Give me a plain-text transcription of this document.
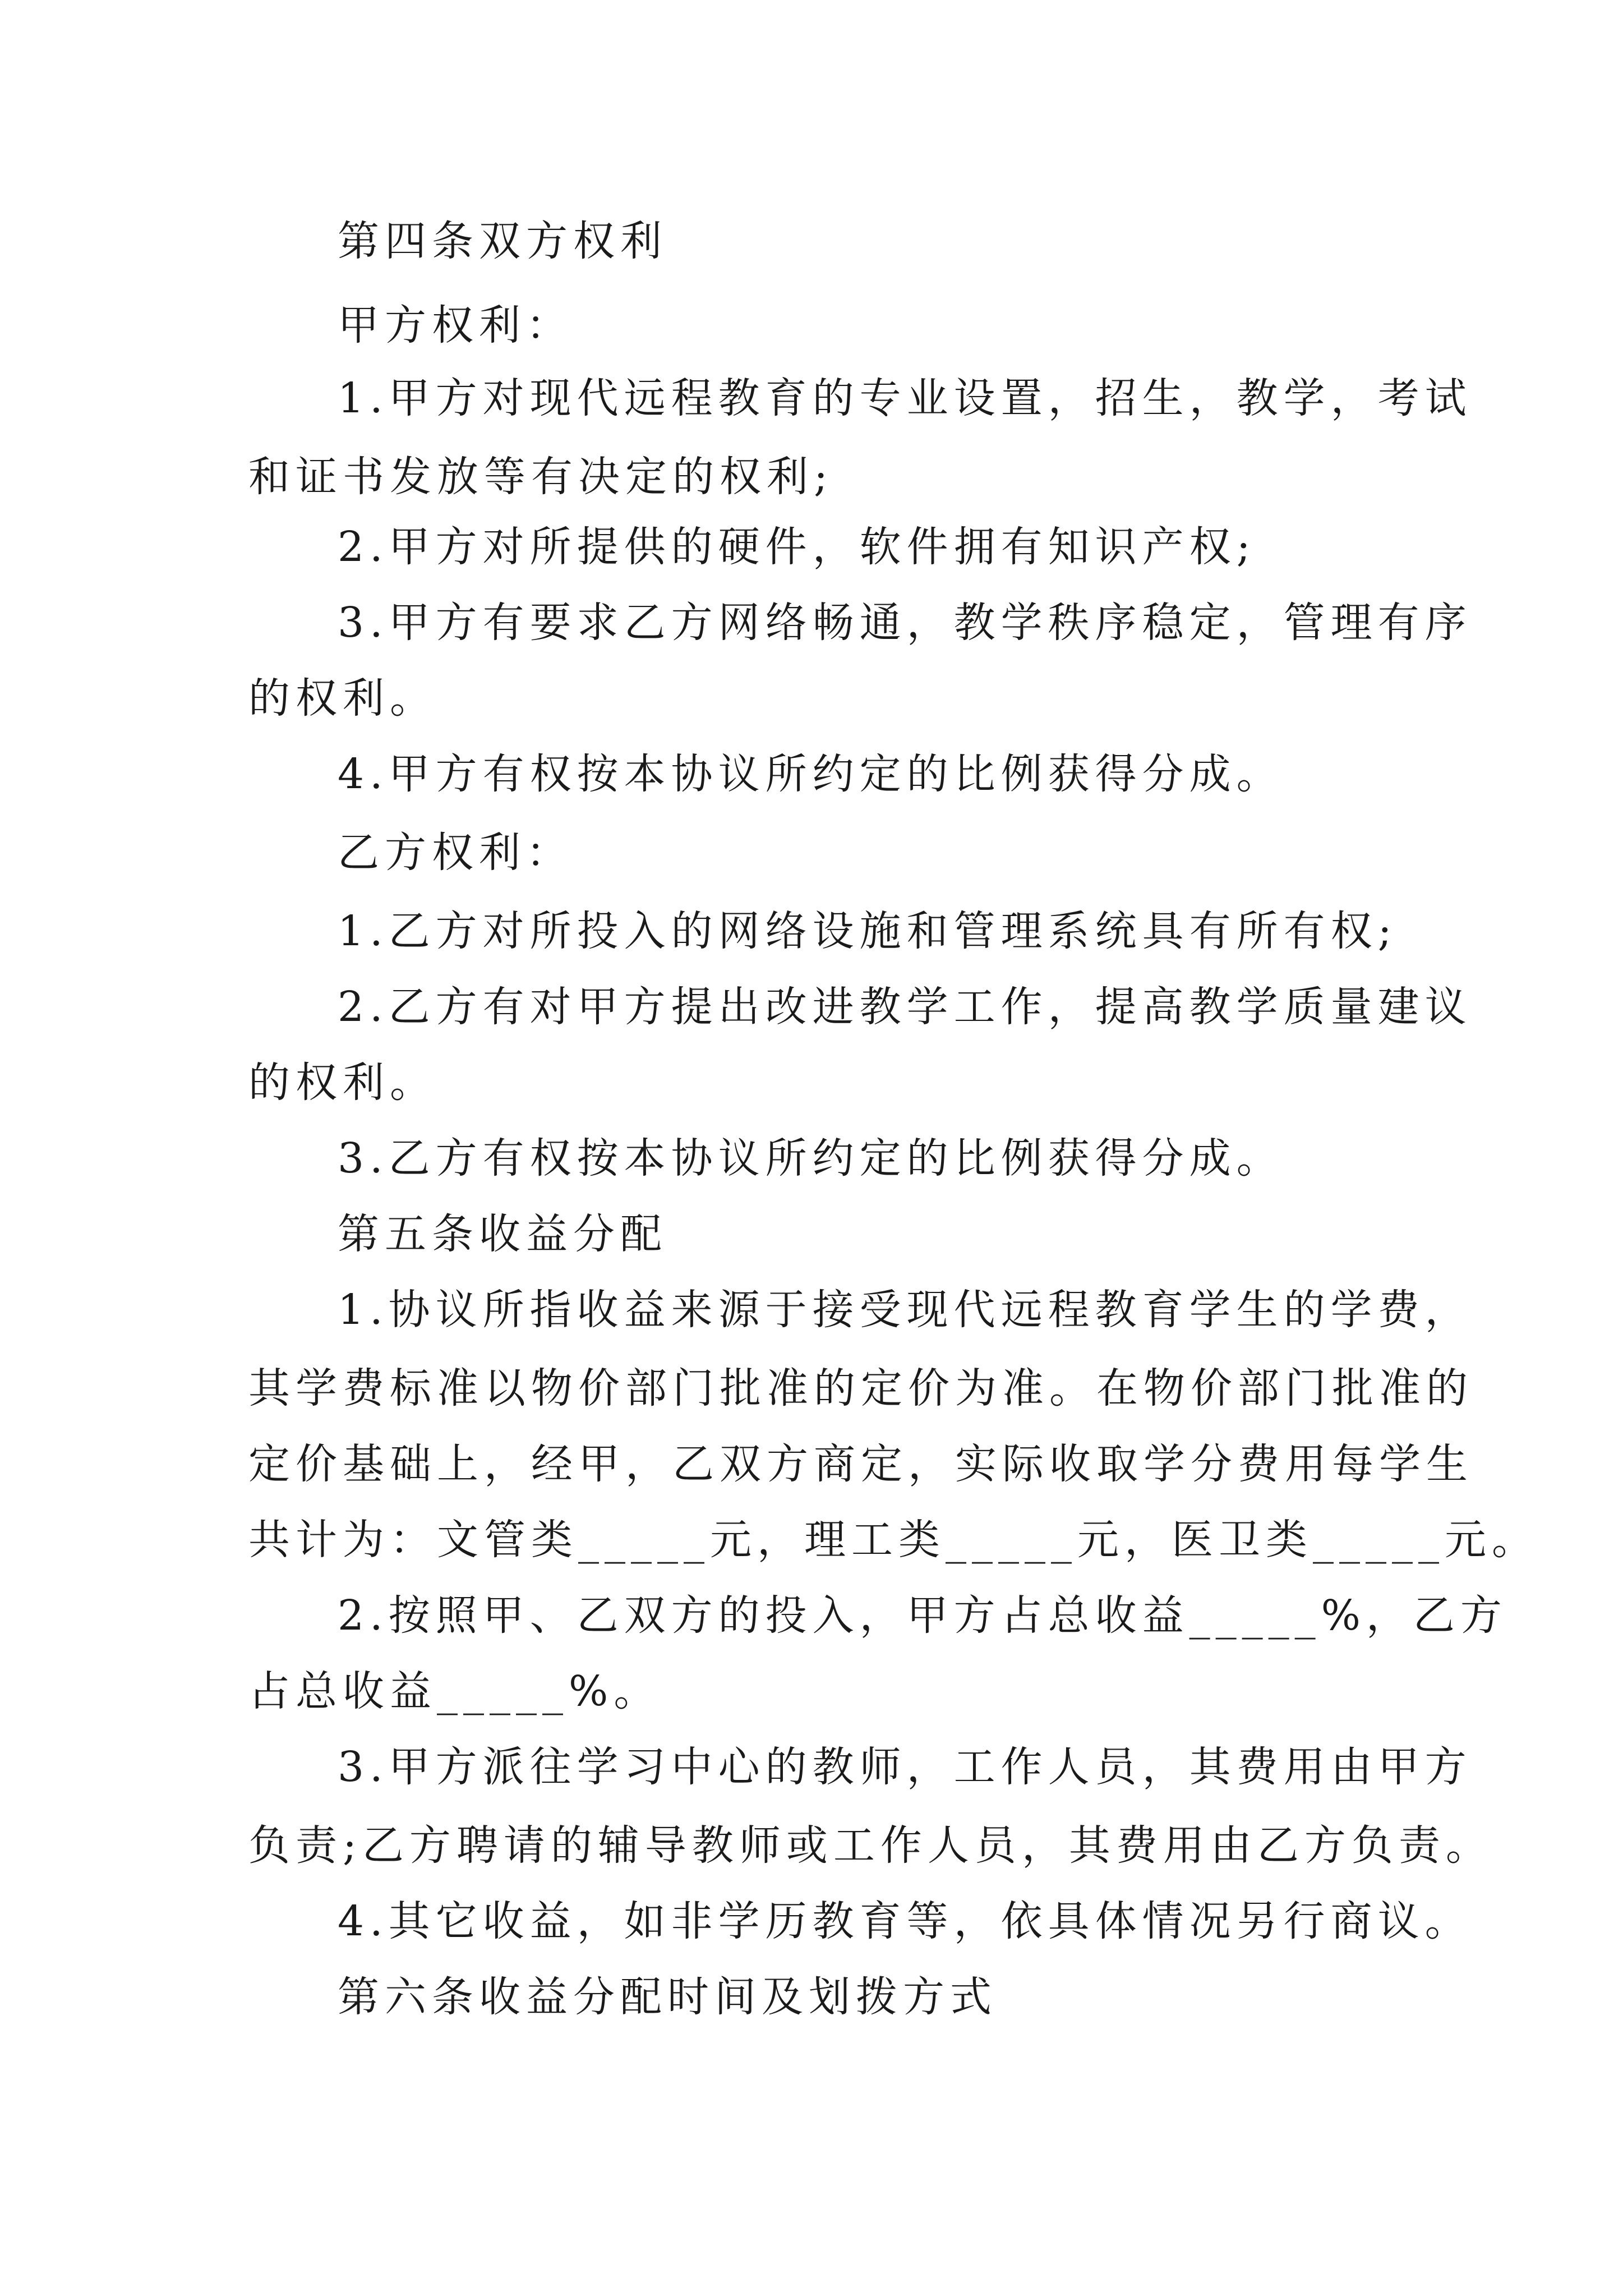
第四条双方权利

甲方权利：

1.甲方对现代远程教育的专业设置，招生，教学，考试

和证书发放等有决定的权利;

2.甲方对所提供的硬件，软件拥有知识产权;

3.甲方有要求乙方网络畅通，教学秩序稳定，管理有序

的权利。

4.甲方有权按本协议所约定的比例获得分成。

乙方权利：

1.乙方对所投入的网络设施和管理系统具有所有权;

2.乙方有对甲方提出改进教学工作，提高教学质量建议

的权利。

3.乙方有权按本协议所约定的比例获得分成。

第五条收益分配

1.协议所指收益来源于接受现代远程教育学生的学费，

其学费标准以物价部门批准的定价为准。在物价部门批准的

定价基础上，经甲，乙双方商定，实际收取学分费用每学生

共计为：文管类_____元，理工类_____元，医卫类_____元。

2.按照甲、乙双方的投入，甲方占总收益_____%，乙方

占总收益_____%。

3.甲方派往学习中心的教师，工作人员，其费用由甲方

负责;乙方聘请的辅导教师或工作人员，其费用由乙方负责。

4.其它收益，如非学历教育等，依具体情况另行商议。

第六条收益分配时间及划拨方式
